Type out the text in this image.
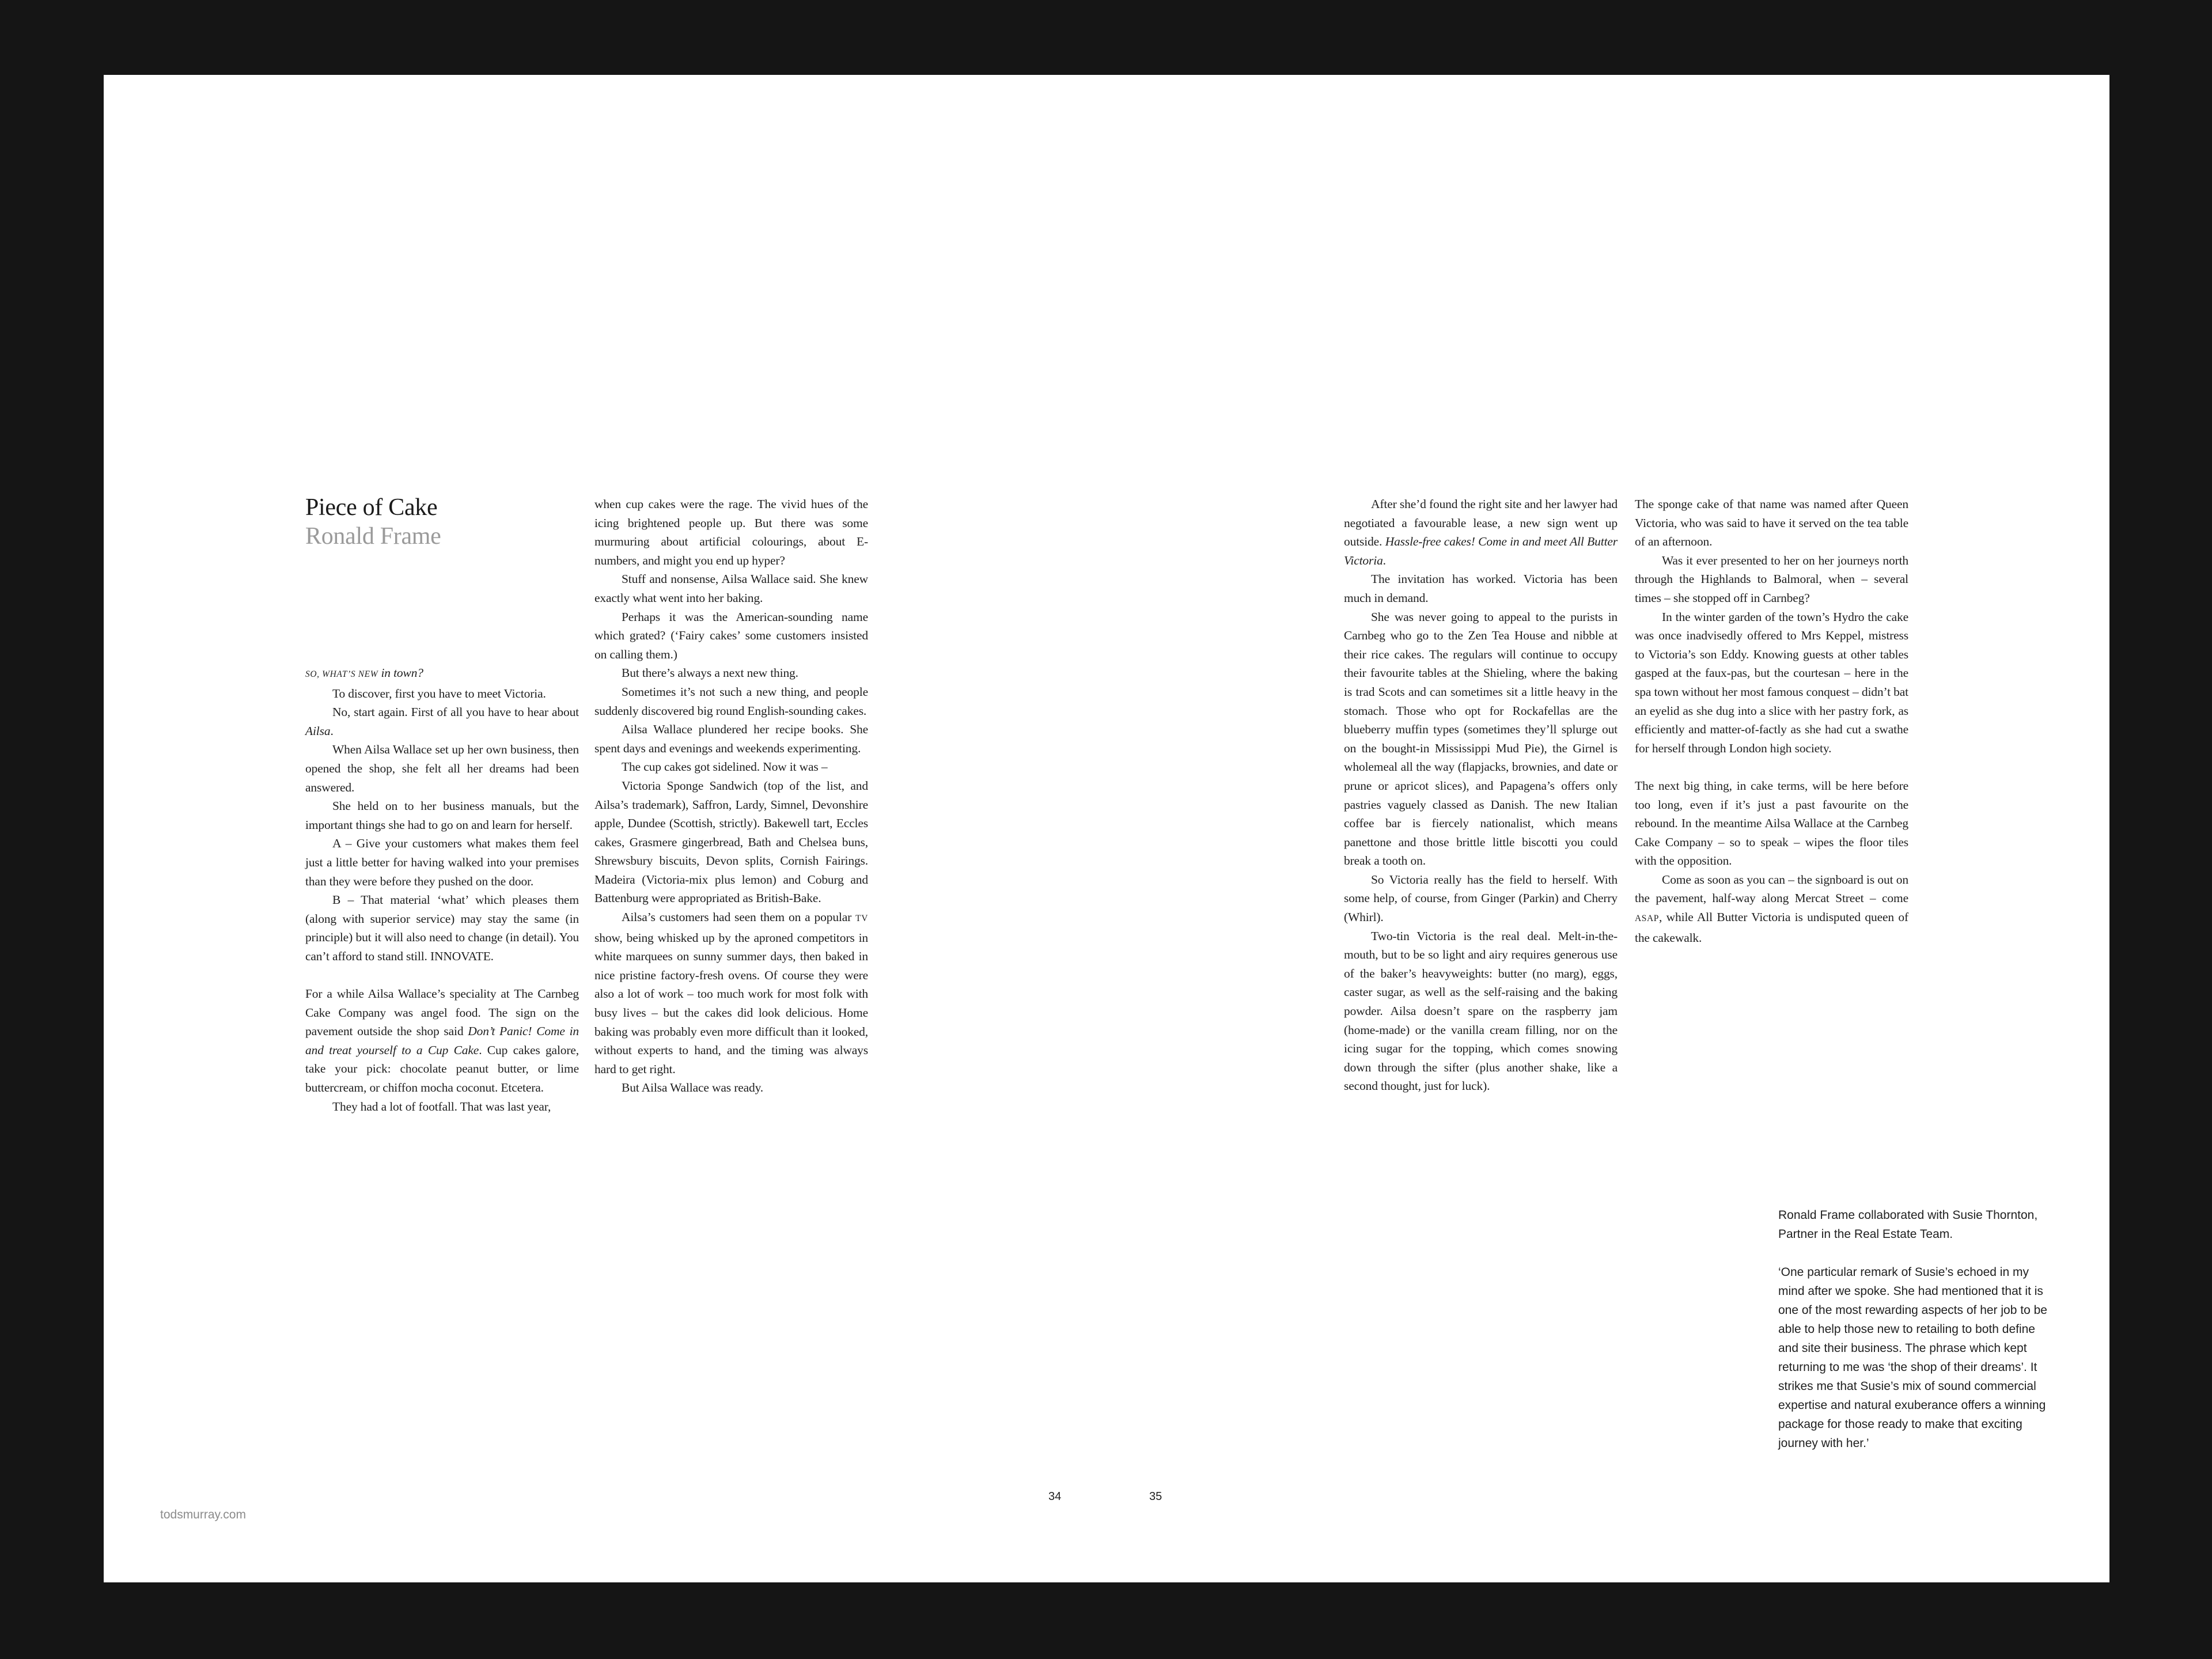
Piece of Cake
Ronald Frame

SO, WHAT’S NEW in town?

To discover, first you have to meet Victoria.

No, start again. First of all you have to hear about Ailsa.

When Ailsa Wallace set up her own business, then opened the shop, she felt all her dreams had been answered.

She held on to her business manuals, but the important things she had to go on and learn for herself.

A – Give your customers what makes them feel just a little better for having walked into your premises than they were before they pushed on the door.

B – That material ‘what’ which pleases them (along with superior service) may stay the same (in principle) but it will also need to change (in detail). You can’t afford to stand still. INNOVATE.

For a while Ailsa Wallace’s speciality at The Carnbeg Cake Company was angel food. The sign on the pavement outside the shop said Don’t Panic! Come in and treat yourself to a Cup Cake. Cup cakes galore, take your pick: chocolate peanut butter, or lime buttercream, or chiffon mocha coconut. Etcetera.

They had a lot of footfall. That was last year,

when cup cakes were the rage. The vivid hues of the icing brightened people up. But there was some murmuring about artificial colourings, about E-numbers, and might you end up hyper?

Stuff and nonsense, Ailsa Wallace said. She knew exactly what went into her baking.

Perhaps it was the American-sounding name which grated? (‘Fairy cakes’ some customers insisted on calling them.)

But there’s always a next new thing.

Sometimes it’s not such a new thing, and people suddenly discovered big round English-sounding cakes.

Ailsa Wallace plundered her recipe books. She spent days and evenings and weekends experimenting.

The cup cakes got sidelined. Now it was –

Victoria Sponge Sandwich (top of the list, and Ailsa’s trademark), Saffron, Lardy, Simnel, Devonshire apple, Dundee (Scottish, strictly). Bakewell tart, Eccles cakes, Grasmere gingerbread, Bath and Chelsea buns, Shrewsbury biscuits, Devon splits, Cornish Fairings. Madeira (Victoria-mix plus lemon) and Coburg and Battenburg were appropriated as British-Bake.

Ailsa’s customers had seen them on a popular TV show, being whisked up by the aproned competitors in white marquees on sunny summer days, then baked in nice pristine factory-fresh ovens. Of course they were also a lot of work – too much work for most folk with busy lives – but the cakes did look delicious. Home baking was probably even more difficult than it looked, without experts to hand, and the timing was always hard to get right.

But Ailsa Wallace was ready.

After she’d found the right site and her lawyer had negotiated a favourable lease, a new sign went up outside. Hassle-free cakes! Come in and meet All Butter Victoria.

The invitation has worked. Victoria has been much in demand.

She was never going to appeal to the purists in Carnbeg who go to the Zen Tea House and nibble at their rice cakes. The regulars will continue to occupy their favourite tables at the Shieling, where the baking is trad Scots and can sometimes sit a little heavy in the stomach. Those who opt for Rockafellas are the blueberry muffin types (sometimes they’ll splurge out on the bought-in Mississippi Mud Pie), the Girnel is wholemeal all the way (flapjacks, brownies, and date or prune or apricot slices), and Papagena’s offers only pastries vaguely classed as Danish. The new Italian coffee bar is fiercely nationalist, which means panettone and those brittle little biscotti you could break a tooth on.

So Victoria really has the field to herself. With some help, of course, from Ginger (Parkin) and Cherry (Whirl).

Two-tin Victoria is the real deal. Melt-in-the-mouth, but to be so light and airy requires generous use of the baker’s heavyweights: butter (no marg), eggs, caster sugar, as well as the self-raising and the baking powder. Ailsa doesn’t spare on the raspberry jam (home-made) or the vanilla cream filling, nor on the icing sugar for the topping, which comes snowing down through the sifter (plus another shake, like a second thought, just for luck).

The sponge cake of that name was named after Queen Victoria, who was said to have it served on the tea table of an afternoon.

Was it ever presented to her on her journeys north through the Highlands to Balmoral, when – several times – she stopped off in Carnbeg?

In the winter garden of the town’s Hydro the cake was once inadvisedly offered to Mrs Keppel, mistress to Victoria’s son Eddy. Knowing guests at other tables gasped at the faux-pas, but the courtesan – here in the spa town without her most famous conquest – didn’t bat an eyelid as she dug into a slice with her pastry fork, as efficiently and matter-of-factly as she had cut a swathe for herself through London high society.

The next big thing, in cake terms, will be here before too long, even if it’s just a past favourite on the rebound. In the meantime Ailsa Wallace at the Carnbeg Cake Company – so to speak – wipes the floor tiles with the opposition.

Come as soon as you can – the signboard is out on the pavement, half-way along Mercat Street – come ASAP, while All Butter Victoria is undisputed queen of the cakewalk.

Ronald Frame collaborated with Susie Thornton, Partner in the Real Estate Team.

‘One particular remark of Susie’s echoed in my mind after we spoke. She had mentioned that it is one of the most rewarding aspects of her job to be able to help those new to retailing to both define and site their business. The phrase which kept returning to me was ‘the shop of their dreams’. It strikes me that Susie’s mix of sound commercial expertise and natural exuberance offers a winning package for those ready to make that exciting journey with her.’

34	35
todsmurray.com
